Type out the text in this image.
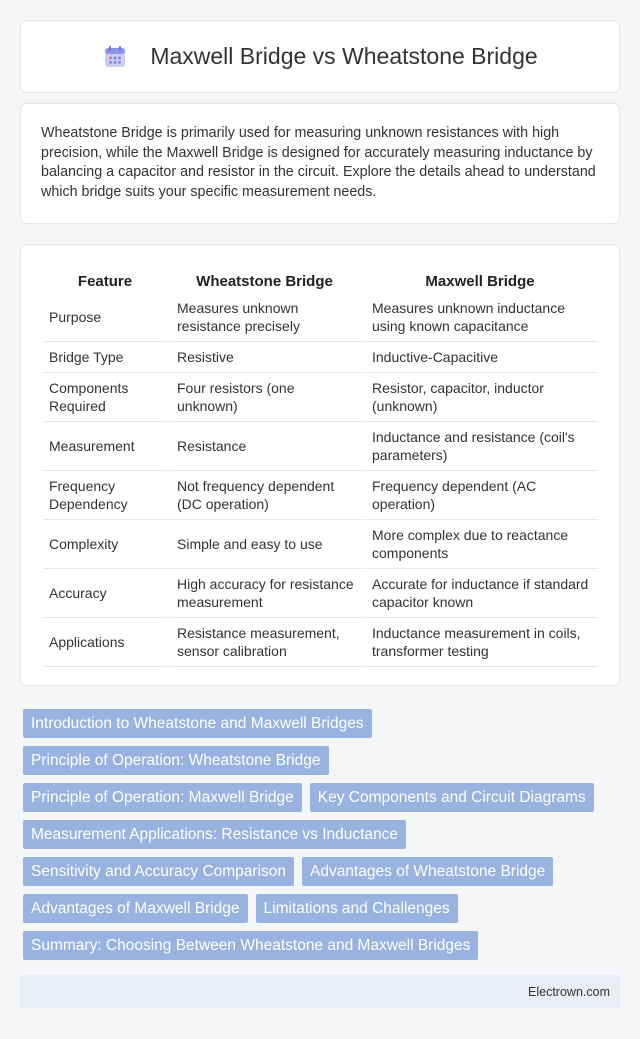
Maxwell Bridge vs Wheatstone Bridge

Wheatstone Bridge is primarily used for measuring unknown resistances with high precision, while the Maxwell Bridge is designed for accurately measuring inductance by balancing a capacitor and resistor in the circuit. Explore the details ahead to understand which bridge suits your specific measurement needs.

Feature	Wheatstone Bridge	Maxwell Bridge
Purpose	Measures unknown resistance precisely	Measures unknown inductance using known capacitance
Bridge Type	Resistive	Inductive-Capacitive
Components Required	Four resistors (one unknown)	Resistor, capacitor, inductor (unknown)
Measurement	Resistance	Inductance and resistance (coil's parameters)
Frequency Dependency	Not frequency dependent (DC operation)	Frequency dependent (AC operation)
Complexity	Simple and easy to use	More complex due to reactance components
Accuracy	High accuracy for resistance measurement	Accurate for inductance if standard capacitor known
Applications	Resistance measurement, sensor calibration	Inductance measurement in coils, transformer testing
Introduction to Wheatstone and Maxwell Bridges
Principle of Operation: Wheatstone Bridge
Principle of Operation: Maxwell Bridge	Key Components and Circuit Diagrams
Measurement Applications: Resistance vs Inductance
Sensitivity and Accuracy Comparison	Advantages of Wheatstone Bridge
Advantages of Maxwell Bridge	Limitations and Challenges
Summary: Choosing Between Wheatstone and Maxwell Bridges
Electrown.com
